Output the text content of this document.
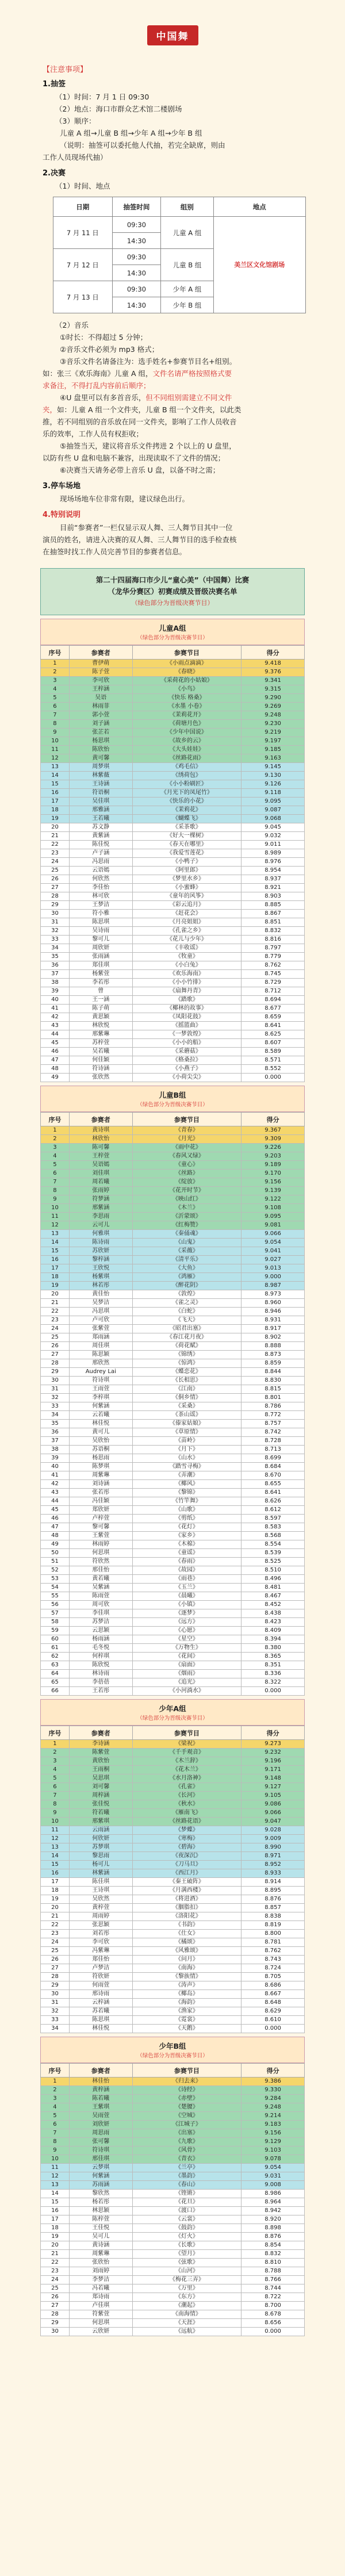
中国舞
【注意事项】
1.抽签
（1）时间：7 月 1 日 09:30
（2）地点：海口市群众艺术馆二楼剧场
（3）顺序：
儿童 A 组→儿童 B 组→少年 A 组→少年 B 组
（说明：抽签可以委托他人代抽，若完全缺席，则由
工作人员现场代抽）
2.决赛
（1）时间、地点
日期	抽签时间	组别	地点
7 月 11 日	09:30	儿童 A 组	美兰区文化馆剧场
	14:30		
7 月 12 日	09:30	儿童 B 组	
	14:30		
7 月 13 日	09:30	少年 A 组	
	14:30	少年 B 组	
（2）音乐
①时长：不得超过 5 分钟；
②音乐文件必须为 mp3 格式；
③音乐文件名请备注为：选手姓名+参赛节目名+组别。
如：张三《欢乐海南》儿童 A 组，文件名请严格按照格式要
求备注，不得打乱内容前后顺序；
④U 盘里可以有多首音乐，但不同组别需建立不同文件
夹，如：儿童 A 组一个文件夹，儿童 B 组一个文件夹，以此类
推，若不同组别的音乐放在同一文件夹，影响了工作人员收音
乐的效率，工作人员有权拒收；
⑤抽签当天，建议将音乐文件拷进 2 个以上的 U 盘里，
以防有些 U 盘和电脑不兼容，出现读取不了文件的情况；
⑥决赛当天请务必带上音乐 U 盘，以备不时之需；
3.停车场地
现场场地车位非常有限，建议绿色出行。
4.特别说明
目前“参赛者”一栏仅显示双人舞、三人舞节目其中一位
演员的姓名，请进入决赛的双人舞、三人舞节目的选手检查核
在抽签时找工作人员完善节目的参赛者信息。
第二十四届海口市少儿“童心美”（中国舞）比赛
（龙华分赛区）初赛成绩及晋级决赛名单
（绿色部分为晋级决赛节目）
儿童A组
（绿色部分为晋级决赛节目）
序号	参赛者	参赛节目	得分
1	曹伊萌	《小雨点滴滴》	9.418
2	陈子萱	《春晓》	9.376
3	李可欣	《采荷花的小姑娘》	9.341
4	王梓涵	《小鸟》	9.315
5	吴语	《快乐 格桑》	9.290
6	林雨菲	《水墨 小卷》	9.269
7	郭小萱	《茉莉花开》	9.248
8	刘子涵	《荷塘月色》	9.230
9	张芷若	《少年中国说》	9.219
10	杨思琪	《故乡的云》	9.197
11	陈欣怡	《大头娃娃》	9.185
12	黄可馨	《丝路花雨》	9.163
13	周梦琪	《鸡毛信》	9.145
14	林紫薇	《绣荷包》	9.130
15	王诗涵	《小小粉刷匠》	9.126
16	符语桐	《月光下的凤尾竹》	9.118
17	吴佳琪	《快乐的小花》	9.095
18	邢雅涵	《茉莉花》	9.087
19	王若曦	《蝴蝶飞》	9.068
20	苏文静	《采茶歌》	9.045
21	黄紫涵	《好大一棵树》	9.032
22	陈佳悦	《春天在哪里》	9.011
23	卢子涵	《我爱雪莲花》	8.989
24	冯思雨	《小鸭子》	8.976
25	云语嫣	《阿里郎》	8.954
26	何欣然	《梦里水乡》	8.937
27	李佳怡	《小蜜蜂》	8.921
28	林可欣	《童年的风筝》	8.903
29	王梦洁	《彩云追月》	8.885
30	符小雅	《赶花会》	8.867
31	陈思琪	《月亮姐姐》	8.851
32	吴诗雨	《孔雀之乡》	8.832
33	黎可儿	《花儿与少年》	8.816
34	周欣妍	《丰收谣》	8.797
35	张雨涵	《牧童》	8.779
36	郑佳琪	《小白兔》	8.762
37	杨紫萱	《欢乐海南》	8.745
38	李若彤	《小小竹排》	8.729
39	曾	《扇舞丹青》	8.712
40	王一涵	《踏歌》	8.694
41	陈子萌	《椰林的故事》	8.677
42	黄思颖	《凤阳花鼓》	8.659
43	林欣悦	《摇篮曲》	8.641
44	邢紫琳	《一梦敦煌》	8.625
45	苏梓萱	《小小的船》	8.607
46	吴若曦	《采蘑菇》	8.589
47	何佳颖	《格桑拉》	8.571
48	符诗涵	《小燕子》	8.552
49	张欣然	《小荷尖尖》	0.000
儿童B组
（绿色部分为晋级决赛节目）
序号	参赛者	参赛节目	得分
1	黄诗琪	《青春》	9.367
2	林欣怡	《月光》	9.309
3	陈可馨	《雨中花》	9.226
4	王梓萱	《春风又绿》	9.203
5	吴语嫣	《童心》	9.189
6	刘佳琪	《丝路》	9.170
7	周若曦	《绽放》	9.156
8	张雨婷	《花开时节》	9.139
9	符梦涵	《映山红》	9.122
10	邢紫涵	《木兰》	9.108
11	李思雨	《沂蒙颂》	9.095
12	云可儿	《红梅赞》	9.081
13	何雅琪	《秦俑魂》	9.066
14	陈诗雨	《山鬼》	9.054
15	苏欣妍	《采薇》	9.041
16	黎梓涵	《清平乐》	9.027
17	王欣悦	《大鱼》	9.013
18	杨紫琪	《鸿雁》	9.000
19	林若彤	《醉花阴》	8.987
20	黄佳怡	《敦煌》	8.973
21	吴梦洁	《雀之灵》	8.960
22	冯思琪	《白蛇》	8.946
23	卢可欣	《飞天》	8.931
24	张紫萱	《昭君出塞》	8.917
25	郑雨涵	《春江花月夜》	8.902
26	周佳琪	《荷花赋》	8.888
27	陈思颖	《锦绣》	8.873
28	邢欣然	《惊鸿》	8.859
29	Audrey Lai	《蝶恋花》	8.844
30	符诗琪	《长相思》	8.830
31	王雨萱	《江南》	8.815
32	李梓琪	《侗乡情》	8.801
33	何紫涵	《采桑》	8.786
34	云若曦	《茶山谣》	8.772
35	林佳悦	《傣家姑娘》	8.757
36	黄可儿	《草原情》	8.742
37	吴欣怡	《苗岭》	8.728
38	苏语桐	《月下》	8.713
39	杨思雨	《山水》	8.699
40	陈梦琪	《踏雪寻梅》	8.684
41	周紫琳	《弄潮》	8.670
42	刘诗涵	《椰风》	8.655
43	张若彤	《黎锦》	8.641
44	冯佳颖	《竹竿舞》	8.626
45	郑欣妍	《山歌》	8.612
46	卢梓萱	《剪纸》	8.597
47	黎可馨	《花灯》	8.583
48	王紫萱	《家乡》	8.568
49	林雨婷	《木棉》	8.554
50	何思琪	《童谣》	8.539
51	符欣然	《春雨》	8.525
52	邢佳怡	《故园》	8.510
53	黄若曦	《雨巷》	8.496
54	吴紫涵	《玉兰》	8.481
55	陈雨萱	《晨曦》	8.467
56	周可欣	《小镇》	8.452
57	李佳琪	《逐梦》	8.438
58	苏梦洁	《远方》	8.423
59	云思颖	《心愿》	8.409
60	杨雨涵	《星空》	8.394
61	毛冬悦	《万物生》	8.380
62	何梓琪	《花间》	8.365
63	陈欣悦	《扇面》	8.351
64	林诗雨	《烟雨》	8.336
65	李蓓蓓	《追光》	8.322
66	王若彤	《小河淌水》	0.000
少年A组
（绿色部分为晋级决赛节目）
序号	参赛者	参赛节目	得分
1	李诗涵	《梁祝》	9.273
2	陈紫萱	《千手观音》	9.232
3	黄欣怡	《木兰辞》	9.196
4	王雨桐	《花木兰》	9.171
5	吴思琪	《水月洛神》	9.148
6	刘可馨	《孔雀》	9.127
7	周梓涵	《长河》	9.105
8	张佳悦	《秋水》	9.086
9	符若曦	《雁南飞》	9.066
10	邢紫琪	《丝路花语》	9.047
11	云雨涵	《梦蝶》	9.028
12	何欣妍	《寒梅》	9.009
13	苏梦琪	《碧海》	8.990
14	黎思雨	《夜深沉》	8.971
15	杨可儿	《刀马旦》	8.952
16	林紫涵	《西江月》	8.933
17	陈佳琪	《秦王破阵》	8.914
18	王诗琪	《月满西楼》	8.895
19	吴欣然	《将进酒》	8.876
20	黄梓萱	《胭脂扣》	8.857
21	周雨婷	《洛阳花》	8.838
22	张思颖	《书韵》	8.819
23	刘若彤	《仕女》	8.800
24	李可欣	《橘颂》	8.781
25	冯紫琳	《风雅颂》	8.762
26	郑佳怡	《问月》	8.743
27	卢梦洁	《南海》	8.724
28	符欣妍	《黎族情》	8.705
29	何雨萱	《涛声》	8.686
30	邢诗雨	《椰岛》	8.667
31	云梓涵	《海韵》	8.648
32	苏若曦	《渔家》	8.629
33	陈思琪	《霓裳》	8.610
34	林佳悦	《天鹅》	0.000
少年B组
（绿色部分为晋级决赛节目）
序号	参赛者	参赛节目	得分
1	林佳怡	《归去来》	9.386
2	黄梓涵	《诗经》	9.330
3	陈若曦	《赤壁》	9.284
4	王紫琪	《楚腰》	9.248
5	吴雨萱	《空城》	9.214
6	刘欣妍	《江城子》	9.183
7	周思雨	《出塞》	9.156
8	张可馨	《九歌》	9.129
9	符诗琪	《风骨》	9.103
10	邢佳琪	《青衣》	9.078
11	云梦琪	《兰亭》	9.054
12	何紫涵	《墨韵》	9.031
13	苏雨涵	《春山》	9.008
14	黎欣然	《铿锵》	8.986
15	杨若彤	《花旦》	8.964
16	林思颖	《渡口》	8.942
17	陈梓萱	《云裳》	8.920
18	王佳悦	《鼓韵》	8.898
19	吴可儿	《灯火》	8.876
20	黄诗涵	《长歌》	8.854
21	周紫琳	《望月》	8.832
22	张欣怡	《弦歌》	8.810
23	刘雨婷	《山河》	8.788
24	李梦洁	《梅花三弄》	8.766
25	冯若曦	《万里》	8.744
26	郑诗雨	《东方》	8.722
27	卢佳琪	《潮起》	8.700
28	符紫萱	《南海情》	8.678
29	何思琪	《天涯》	8.656
30	云欣妍	《远航》	0.000
